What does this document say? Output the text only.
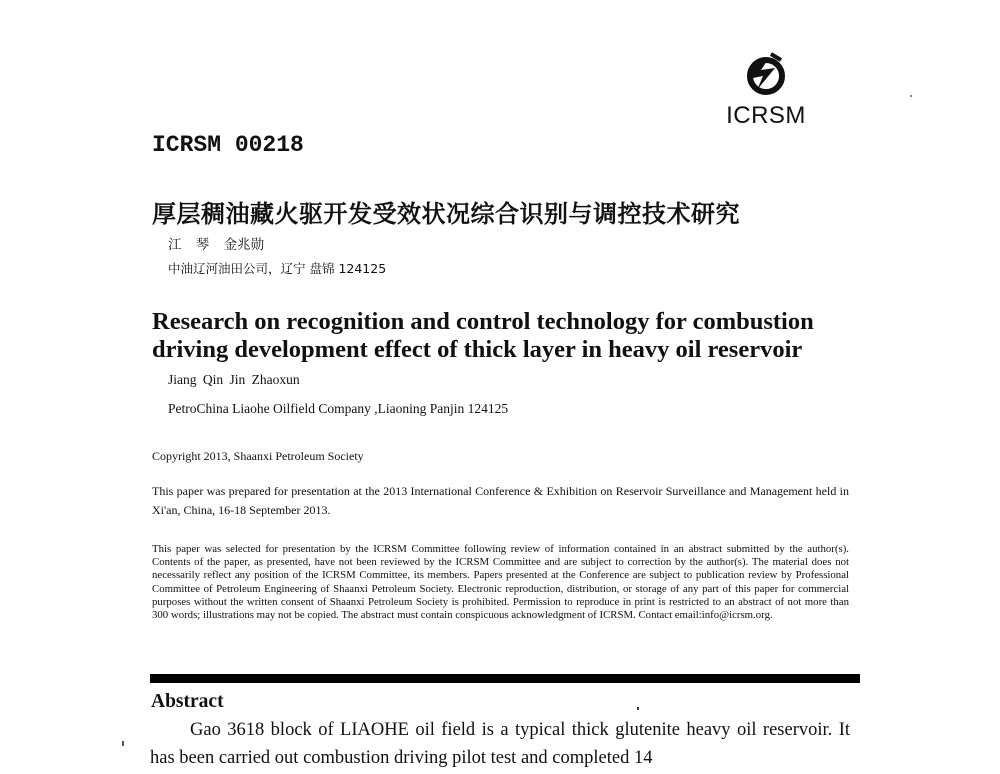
ICRSM
ICRSM 00218
厚层稠油藏火驱开发受效状况综合识别与调控技术研究
江 琴 金兆勋
中油辽河油田公司，辽宁 盘锦 124125
Research on recognition and control technology for combustion driving development effect of thick layer in heavy oil reservoir
Jiang Qin Jin Zhaoxun
PetroChina Liaohe Oilfield Company ,Liaoning Panjin 124125
Copyright 2013, Shaanxi Petroleum Society
This paper was prepared for presentation at the 2013 International Conference & Exhibition on Reservoir Surveillance and Management held in Xi'an, China, 16-18 September 2013.
This paper was selected for presentation by the ICRSM Committee following review of information contained in an abstract submitted by the author(s). Contents of the paper, as presented, have not been reviewed by the ICRSM Committee and are subject to correction by the author(s). The material does not necessarily reflect any position of the ICRSM Committee, its members. Papers presented at the Conference are subject to publication review by Professional Committee of Petroleum Engineering of Shaanxi Petroleum Society. Electronic reproduction, distribution, or storage of any part of this paper for commercial purposes without the written consent of Shaanxi Petroleum Society is prohibited. Permission to reproduce in print is restricted to an abstract of not more than 300 words; illustrations may not be copied. The abstract must contain conspicuous acknowledgment of ICRSM. Contact email:info@icrsm.org.
Abstract
Gao 3618 block of LIAOHE oil field is a typical thick glutenite heavy oil reservoir. It has been carried out combustion driving pilot test and completed 14
